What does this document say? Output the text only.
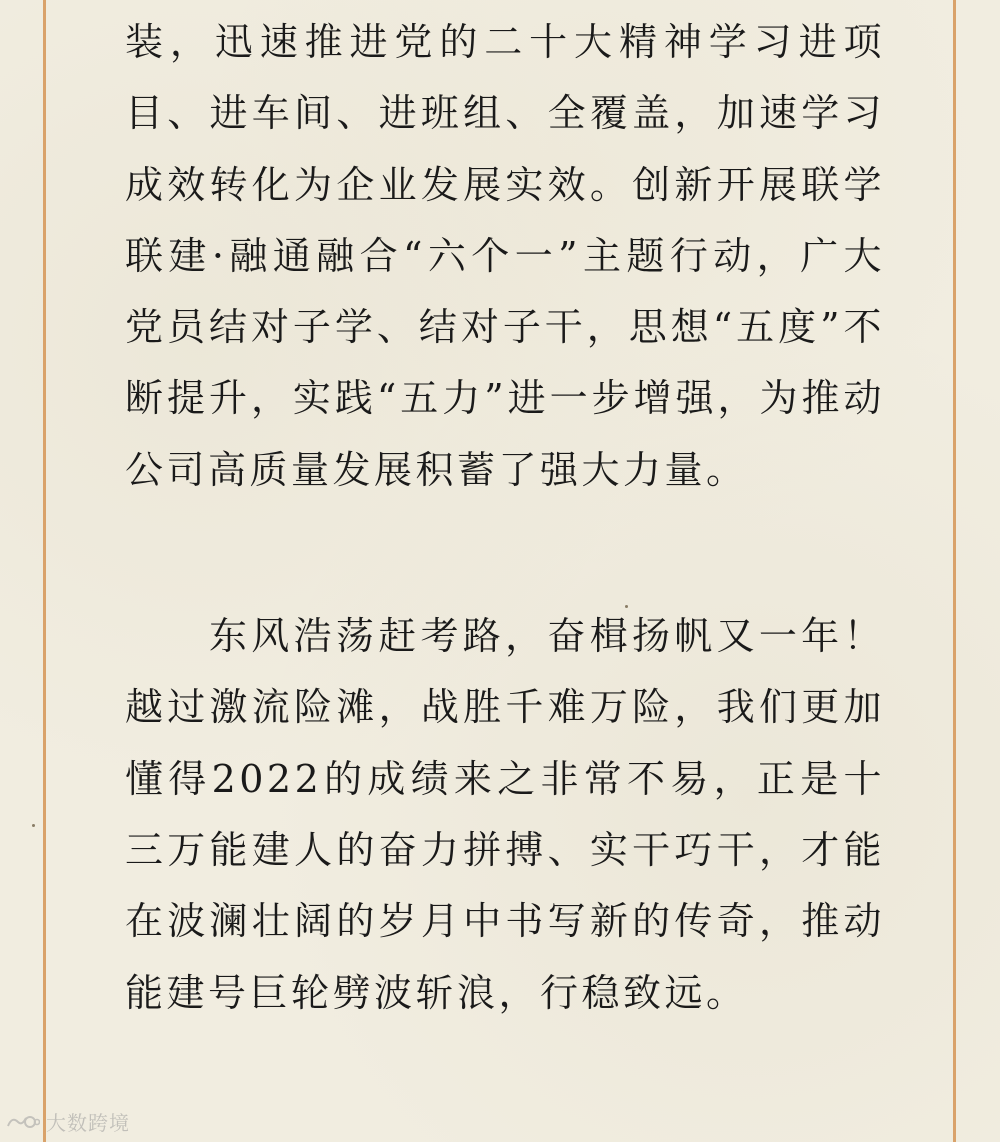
装，迅速推进党的二十大精神学习进项目、进车间、进班组、全覆盖，加速学习成效转化为企业发展实效。创新开展联学联建·融通融合“六个一”主题行动，广大党员结对子学、结对子干，思想“五度”不断提升，实践“五力”进一步增强，为推动公司高质量发展积蓄了强大力量。

东风浩荡赶考路，奋楫扬帆又一年！越过激流险滩，战胜千难万险，我们更加懂得2022的成绩来之非常不易，正是十三万能建人的奋力拼搏、实干巧干，才能在波澜壮阔的岁月中书写新的传奇，推动能建号巨轮劈波斩浪，行稳致远。

大数跨境
